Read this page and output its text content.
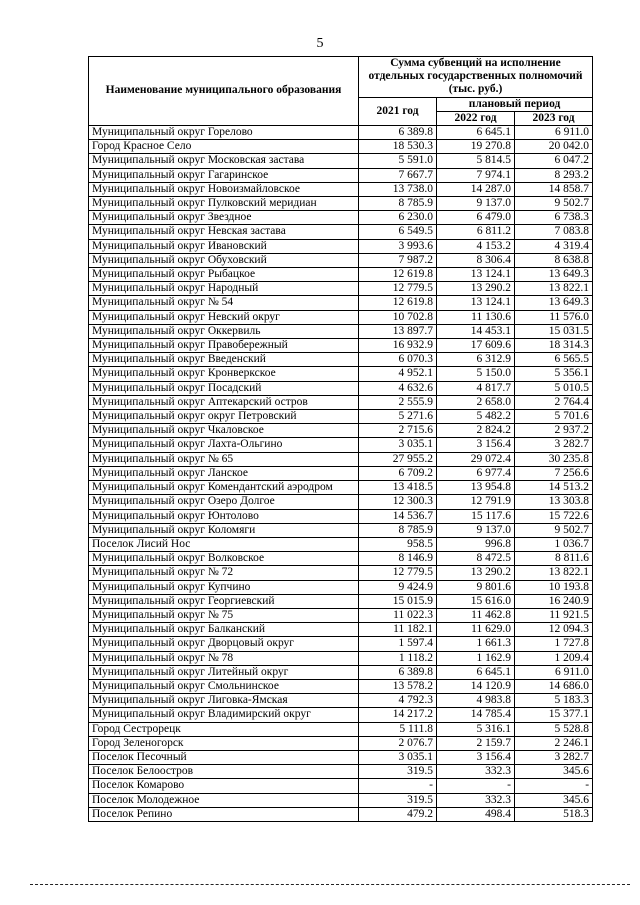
5
Наименование муниципального образования	Сумма субвенций на исполнение отдельных государственных полномочий (тыс. руб.)		
	2021 год	плановый период	
		2022 год	2023 год
Муниципальный округ Горелово	6 389.8	6 645.1	6 911.0
Город Красное Село	18 530.3	19 270.8	20 042.0
Муниципальный округ Московская застава	5 591.0	5 814.5	6 047.2
Муниципальный округ Гагаринское	7 667.7	7 974.1	8 293.2
Муниципальный округ Новоизмайловское	13 738.0	14 287.0	14 858.7
Муниципальный округ Пулковский меридиан	8 785.9	9 137.0	9 502.7
Муниципальный округ Звездное	6 230.0	6 479.0	6 738.3
Муниципальный округ Невская застава	6 549.5	6 811.2	7 083.8
Муниципальный округ Ивановский	3 993.6	4 153.2	4 319.4
Муниципальный округ Обуховский	7 987.2	8 306.4	8 638.8
Муниципальный округ Рыбацкое	12 619.8	13 124.1	13 649.3
Муниципальный округ Народный	12 779.5	13 290.2	13 822.1
Муниципальный округ № 54	12 619.8	13 124.1	13 649.3
Муниципальный округ Невский округ	10 702.8	11 130.6	11 576.0
Муниципальный округ Оккервиль	13 897.7	14 453.1	15 031.5
Муниципальный округ Правобережный	16 932.9	17 609.6	18 314.3
Муниципальный округ Введенский	6 070.3	6 312.9	6 565.5
Муниципальный округ Кронверкское	4 952.1	5 150.0	5 356.1
Муниципальный округ Посадский	4 632.6	4 817.7	5 010.5
Муниципальный округ Аптекарский остров	2 555.9	2 658.0	2 764.4
Муниципальный округ округ Петровский	5 271.6	5 482.2	5 701.6
Муниципальный округ Чкаловское	2 715.6	2 824.2	2 937.2
Муниципальный округ Лахта-Ольгино	3 035.1	3 156.4	3 282.7
Муниципальный округ № 65	27 955.2	29 072.4	30 235.8
Муниципальный округ Ланское	6 709.2	6 977.4	7 256.6
Муниципальный округ Комендантский аэродром	13 418.5	13 954.8	14 513.2
Муниципальный округ Озеро Долгое	12 300.3	12 791.9	13 303.8
Муниципальный округ Юнтолово	14 536.7	15 117.6	15 722.6
Муниципальный округ Коломяги	8 785.9	9 137.0	9 502.7
Поселок Лисий Нос	958.5	996.8	1 036.7
Муниципальный округ Волковское	8 146.9	8 472.5	8 811.6
Муниципальный округ № 72	12 779.5	13 290.2	13 822.1
Муниципальный округ Купчино	9 424.9	9 801.6	10 193.8
Муниципальный округ Георгиевский	15 015.9	15 616.0	16 240.9
Муниципальный округ № 75	11 022.3	11 462.8	11 921.5
Муниципальный округ Балканский	11 182.1	11 629.0	12 094.3
Муниципальный округ Дворцовый округ	1 597.4	1 661.3	1 727.8
Муниципальный округ № 78	1 118.2	1 162.9	1 209.4
Муниципальный округ Литейный округ	6 389.8	6 645.1	6 911.0
Муниципальный округ Смольнинское	13 578.2	14 120.9	14 686.0
Муниципальный округ Лиговка-Ямская	4 792.3	4 983.8	5 183.3
Муниципальный округ Владимирский округ	14 217.2	14 785.4	15 377.1
Город Сестрорецк	5 111.8	5 316.1	5 528.8
Город Зеленогорск	2 076.7	2 159.7	2 246.1
Поселок Песочный	3 035.1	3 156.4	3 282.7
Поселок Белоостров	319.5	332.3	345.6
Поселок Комарово	-	-	-
Поселок Молодежное	319.5	332.3	345.6
Поселок Репино	479.2	498.4	518.3
